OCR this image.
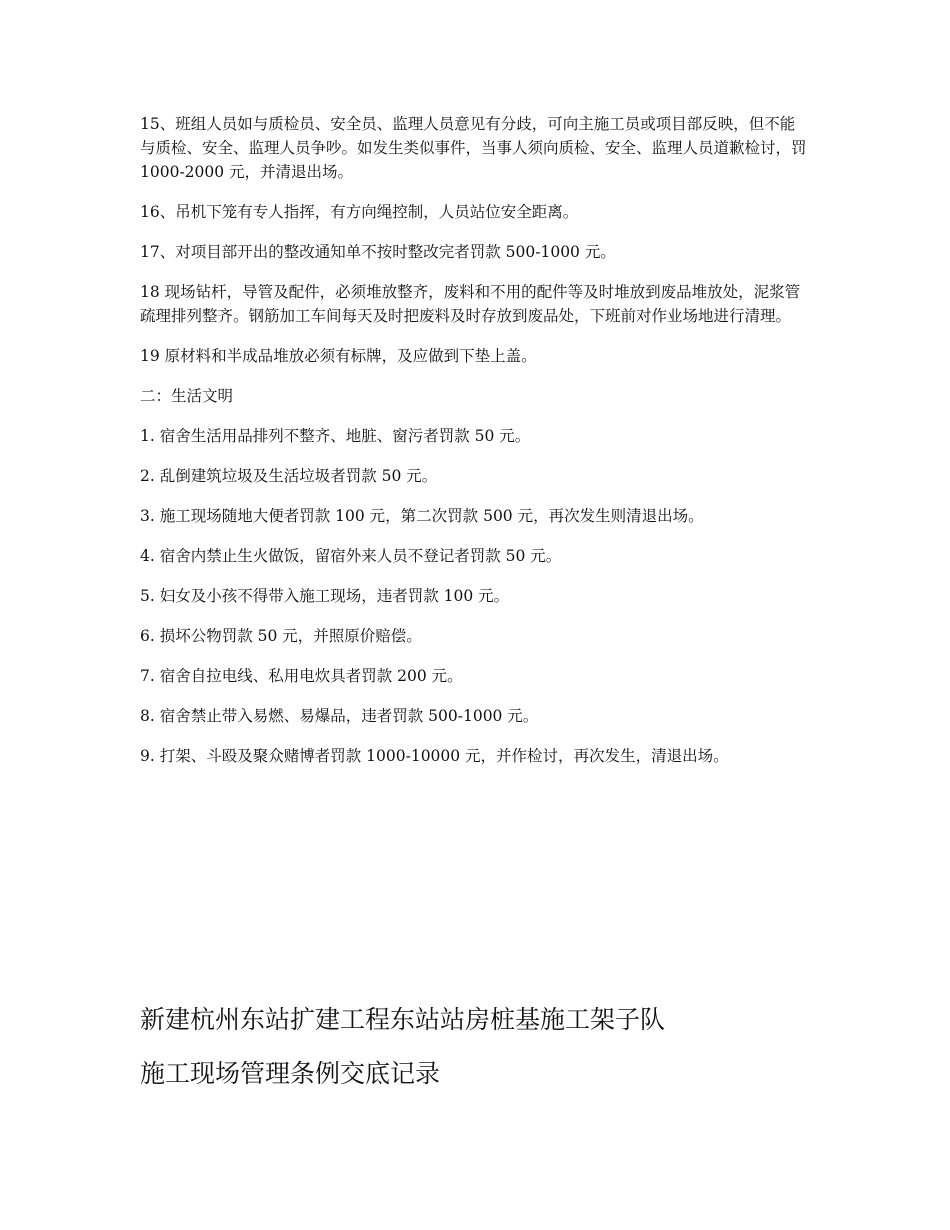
15、班组人员如与质检员、安全员、监理人员意见有分歧，可向主施工员或项目部反映，但不能与质检、安全、监理人员争吵。如发生类似事件，当事人须向质检、安全、监理人员道歉检讨，罚 1000-2000 元，并清退出场。

16、吊机下笼有专人指挥，有方向绳控制，人员站位安全距离。

17、对项目部开出的整改通知单不按时整改完者罚款 500-1000 元。

18 现场钻杆，导管及配件，必须堆放整齐，废料和不用的配件等及时堆放到废品堆放处，泥浆管疏理排列整齐。钢筋加工车间每天及时把废料及时存放到废品处，下班前对作业场地进行清理。

19 原材料和半成品堆放必须有标牌，及应做到下垫上盖。

二：生活文明

1. 宿舍生活用品排列不整齐、地脏、窗污者罚款 50 元。

2. 乱倒建筑垃圾及生活垃圾者罚款 50 元。

3. 施工现场随地大便者罚款 100 元，第二次罚款 500 元，再次发生则清退出场。

4. 宿舍内禁止生火做饭，留宿外来人员不登记者罚款 50 元。

5. 妇女及小孩不得带入施工现场，违者罚款 100 元。

6. 损坏公物罚款 50 元，并照原价赔偿。

7. 宿舍自拉电线、私用电炊具者罚款 200 元。

8. 宿舍禁止带入易燃、易爆品，违者罚款 500-1000 元。

9. 打架、斗殴及聚众赌博者罚款 1000-10000 元，并作检讨，再次发生，清退出场。

新建杭州东站扩建工程东站站房桩基施工架子队
施工现场管理条例交底记录
